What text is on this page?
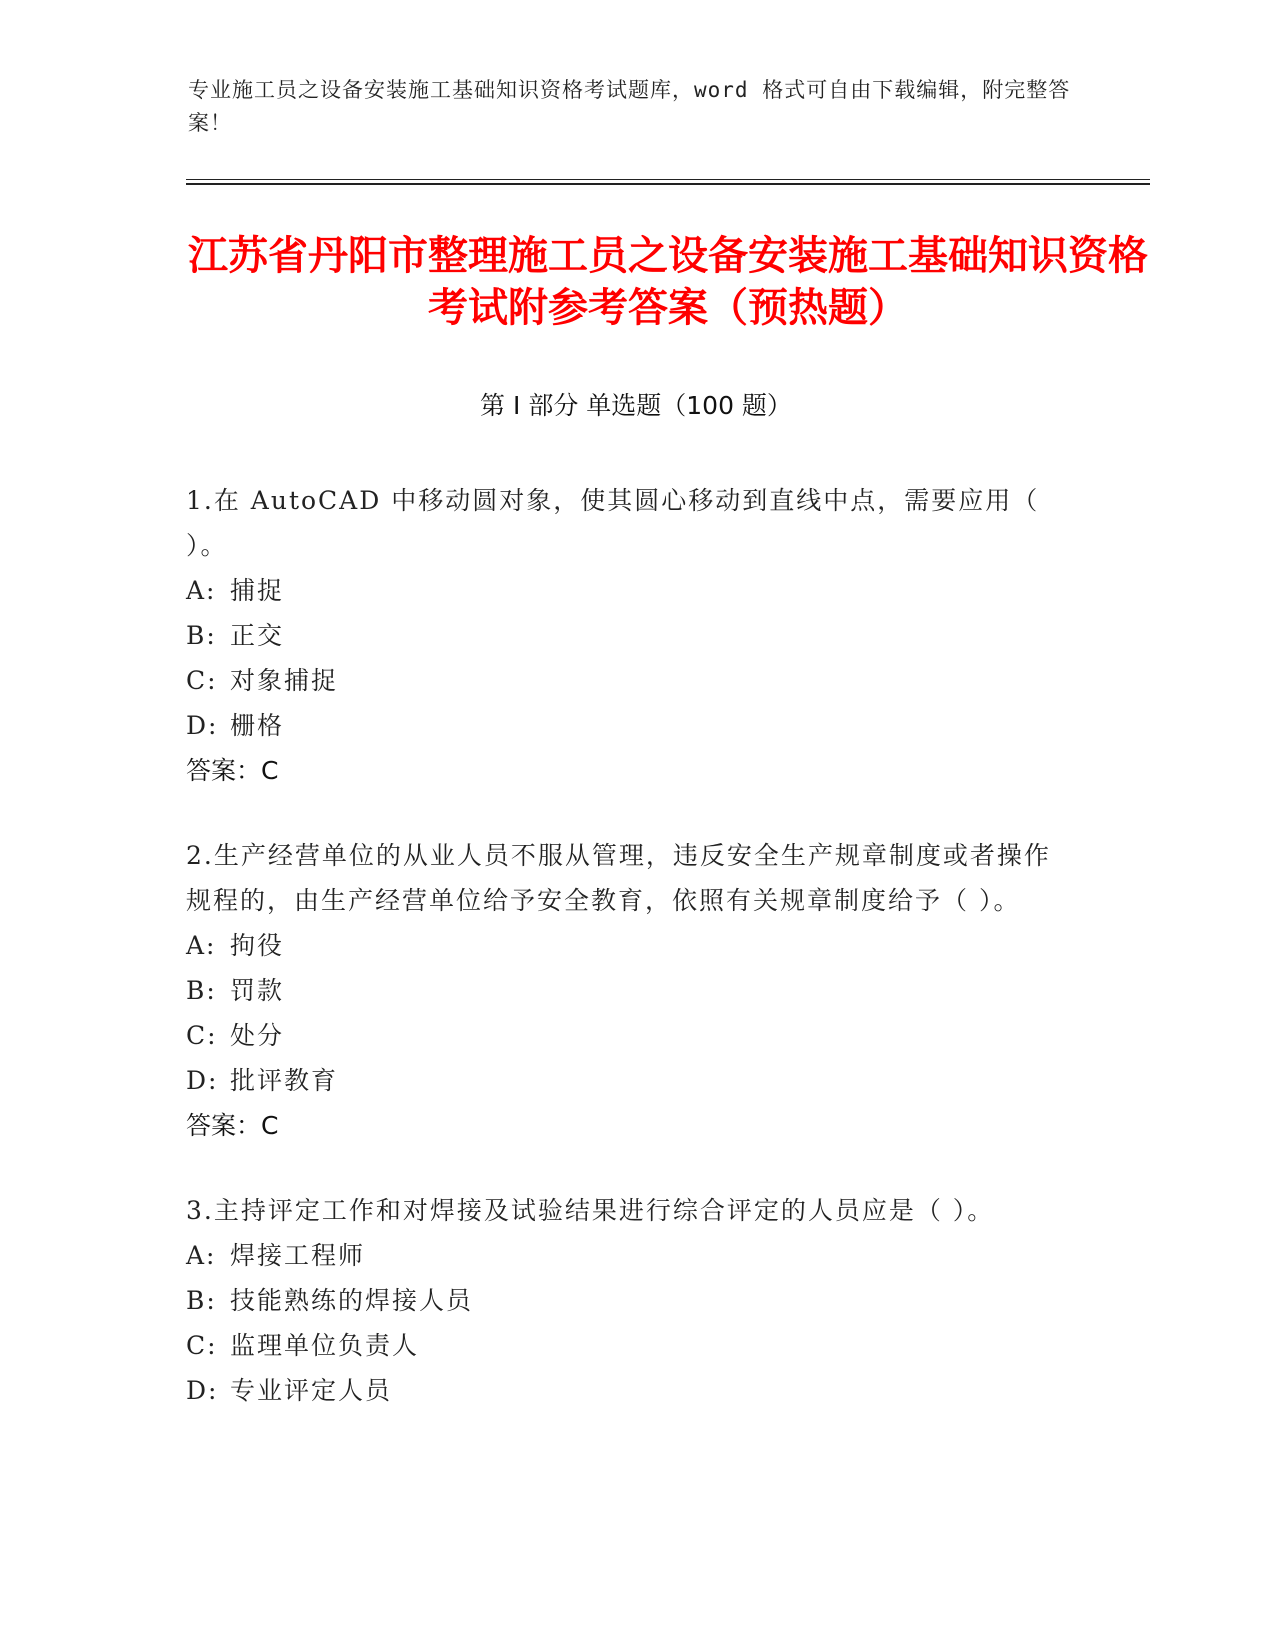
专业施工员之设备安装施工基础知识资格考试题库，word 格式可自由下载编辑，附完整答案！
江苏省丹阳市整理施工员之设备安装施工基础知识资格考试附参考答案（预热题）
第 I 部分 单选题（100 题）
1.在 AutoCAD 中移动圆对象，使其圆心移动到直线中点，需要应用（ ）。
A: 捕捉
B: 正交
C: 对象捕捉
D: 栅格
答案：C
2.生产经营单位的从业人员不服从管理，违反安全生产规章制度或者操作规程的，由生产经营单位给予安全教育，依照有关规章制度给予（ ）。
A: 拘役
B: 罚款
C: 处分
D: 批评教育
答案：C
3.主持评定工作和对焊接及试验结果进行综合评定的人员应是（ ）。
A: 焊接工程师
B: 技能熟练的焊接人员
C: 监理单位负责人
D: 专业评定人员
